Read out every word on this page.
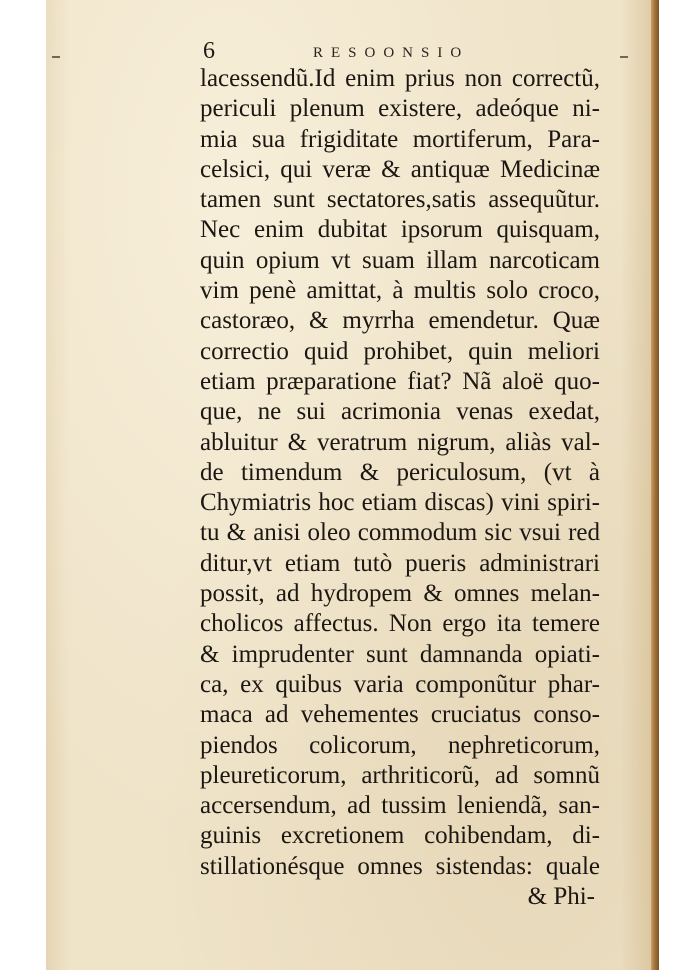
6	RESOONSIO
lacessendũ.Id enim prius non correctũ,
periculi plenum existere, adeóque ni-
mia sua frigiditate mortiferum, Para-
celsici, qui veræ & antiquæ Medicinæ
tamen sunt sectatores,satis assequũtur.
Nec enim dubitat ipsorum quisquam,
quin opium vt suam illam narcoticam
vim penè amittat, à multis solo croco,
castoræo, & myrrha emendetur. Quæ
correctio quid prohibet, quin meliori
etiam præparatione fiat? Nã aloë quo-
que, ne sui acrimonia venas exedat,
abluitur & veratrum nigrum, aliàs val-
de timendum & periculosum, (vt à
Chymiatris hoc etiam discas) vini spiri-
tu & anisi oleo commodum sic vsui red
ditur,vt etiam tutò pueris administrari
possit, ad hydropem & omnes melan-
cholicos affectus. Non ergo ita temere
& imprudenter sunt damnanda opiati-
ca, ex quibus varia componũtur phar-
maca ad vehementes cruciatus conso-
piendos colicorum, nephreticorum,
pleureticorum, arthriticorũ, ad somnũ
accersendum, ad tussim leniendã, san-
guinis excretionem cohibendam, di-
stillationésque omnes sistendas: quale
& Phi-
